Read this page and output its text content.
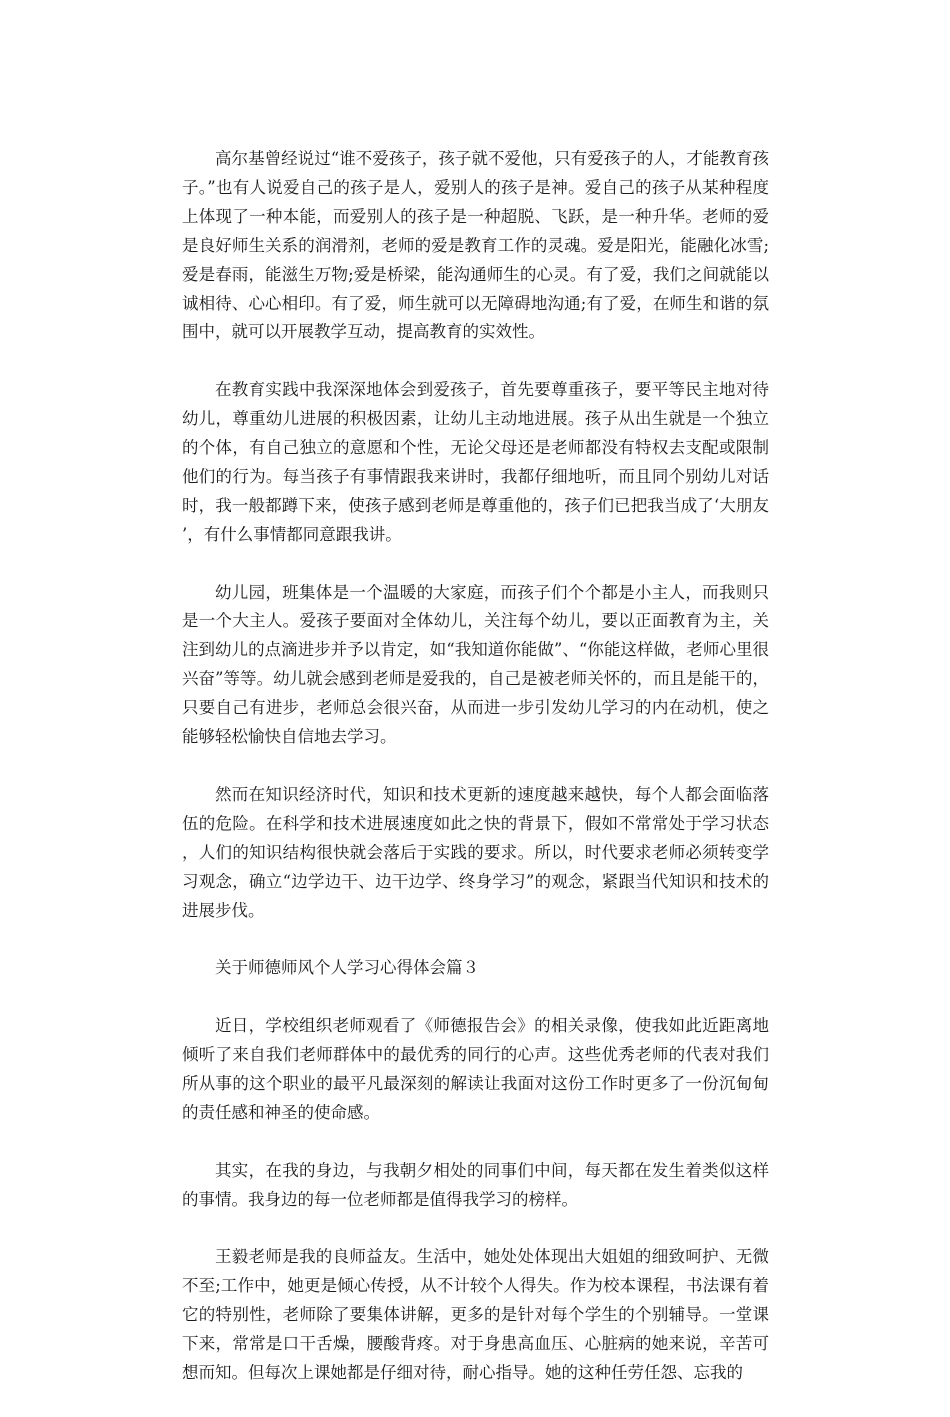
高尔基曾经说过“谁不爱孩子，孩子就不爱他，只有爱孩子的人，才能教育孩子。”也有人说爱自己的孩子是人，爱别人的孩子是神。爱自己的孩子从某种程度上体现了一种本能，而爱别人的孩子是一种超脱、飞跃，是一种升华。老师的爱是良好师生关系的润滑剂，老师的爱是教育工作的灵魂。爱是阳光，能融化冰雪;爱是春雨，能滋生万物;爱是桥梁，能沟通师生的心灵。有了爱，我们之间就能以诚相待、心心相印。有了爱，师生就可以无障碍地沟通;有了爱，在师生和谐的氛围中，就可以开展教学互动，提高教育的实效性。

在教育实践中我深深地体会到爱孩子，首先要尊重孩子，要平等民主地对待幼儿，尊重幼儿进展的积极因素，让幼儿主动地进展。孩子从出生就是一个独立的个体，有自己独立的意愿和个性，无论父母还是老师都没有特权去支配或限制他们的行为。每当孩子有事情跟我来讲时，我都仔细地听，而且同个别幼儿对话时，我一般都蹲下来，使孩子感到老师是尊重他的，孩子们已把我当成了‘大朋友’，有什么事情都同意跟我讲。

幼儿园，班集体是一个温暖的大家庭，而孩子们个个都是小主人，而我则只是一个大主人。爱孩子要面对全体幼儿，关注每个幼儿，要以正面教育为主，关注到幼儿的点滴进步并予以肯定，如“我知道你能做”、“你能这样做，老师心里很兴奋”等等。幼儿就会感到老师是爱我的，自己是被老师关怀的，而且是能干的，只要自己有进步，老师总会很兴奋，从而进一步引发幼儿学习的内在动机，使之能够轻松愉快自信地去学习。

然而在知识经济时代，知识和技术更新的速度越来越快，每个人都会面临落伍的危险。在科学和技术进展速度如此之快的背景下，假如不常常处于学习状态，人们的知识结构很快就会落后于实践的要求。所以，时代要求老师必须转变学习观念，确立“边学边干、边干边学、终身学习”的观念，紧跟当代知识和技术的进展步伐。

关于师德师风个人学习心得体会篇３

近日，学校组织老师观看了《师德报告会》的相关录像，使我如此近距离地倾听了来自我们老师群体中的最优秀的同行的心声。这些优秀老师的代表对我们所从事的这个职业的最平凡最深刻的解读让我面对这份工作时更多了一份沉甸甸的责任感和神圣的使命感。

其实，在我的身边，与我朝夕相处的同事们中间，每天都在发生着类似这样的事情。我身边的每一位老师都是值得我学习的榜样。

王毅老师是我的良师益友。生活中，她处处体现出大姐姐的细致呵护、无微不至;工作中，她更是倾心传授，从不计较个人得失。作为校本课程，书法课有着它的特别性，老师除了要集体讲解，更多的是针对每个学生的个别辅导。一堂课下来，常常是口干舌燥，腰酸背疼。对于身患高血压、心脏病的她来说，辛苦可想而知。但每次上课她都是仔细对待，耐心指导。她的这种任劳任怨、忘我的
